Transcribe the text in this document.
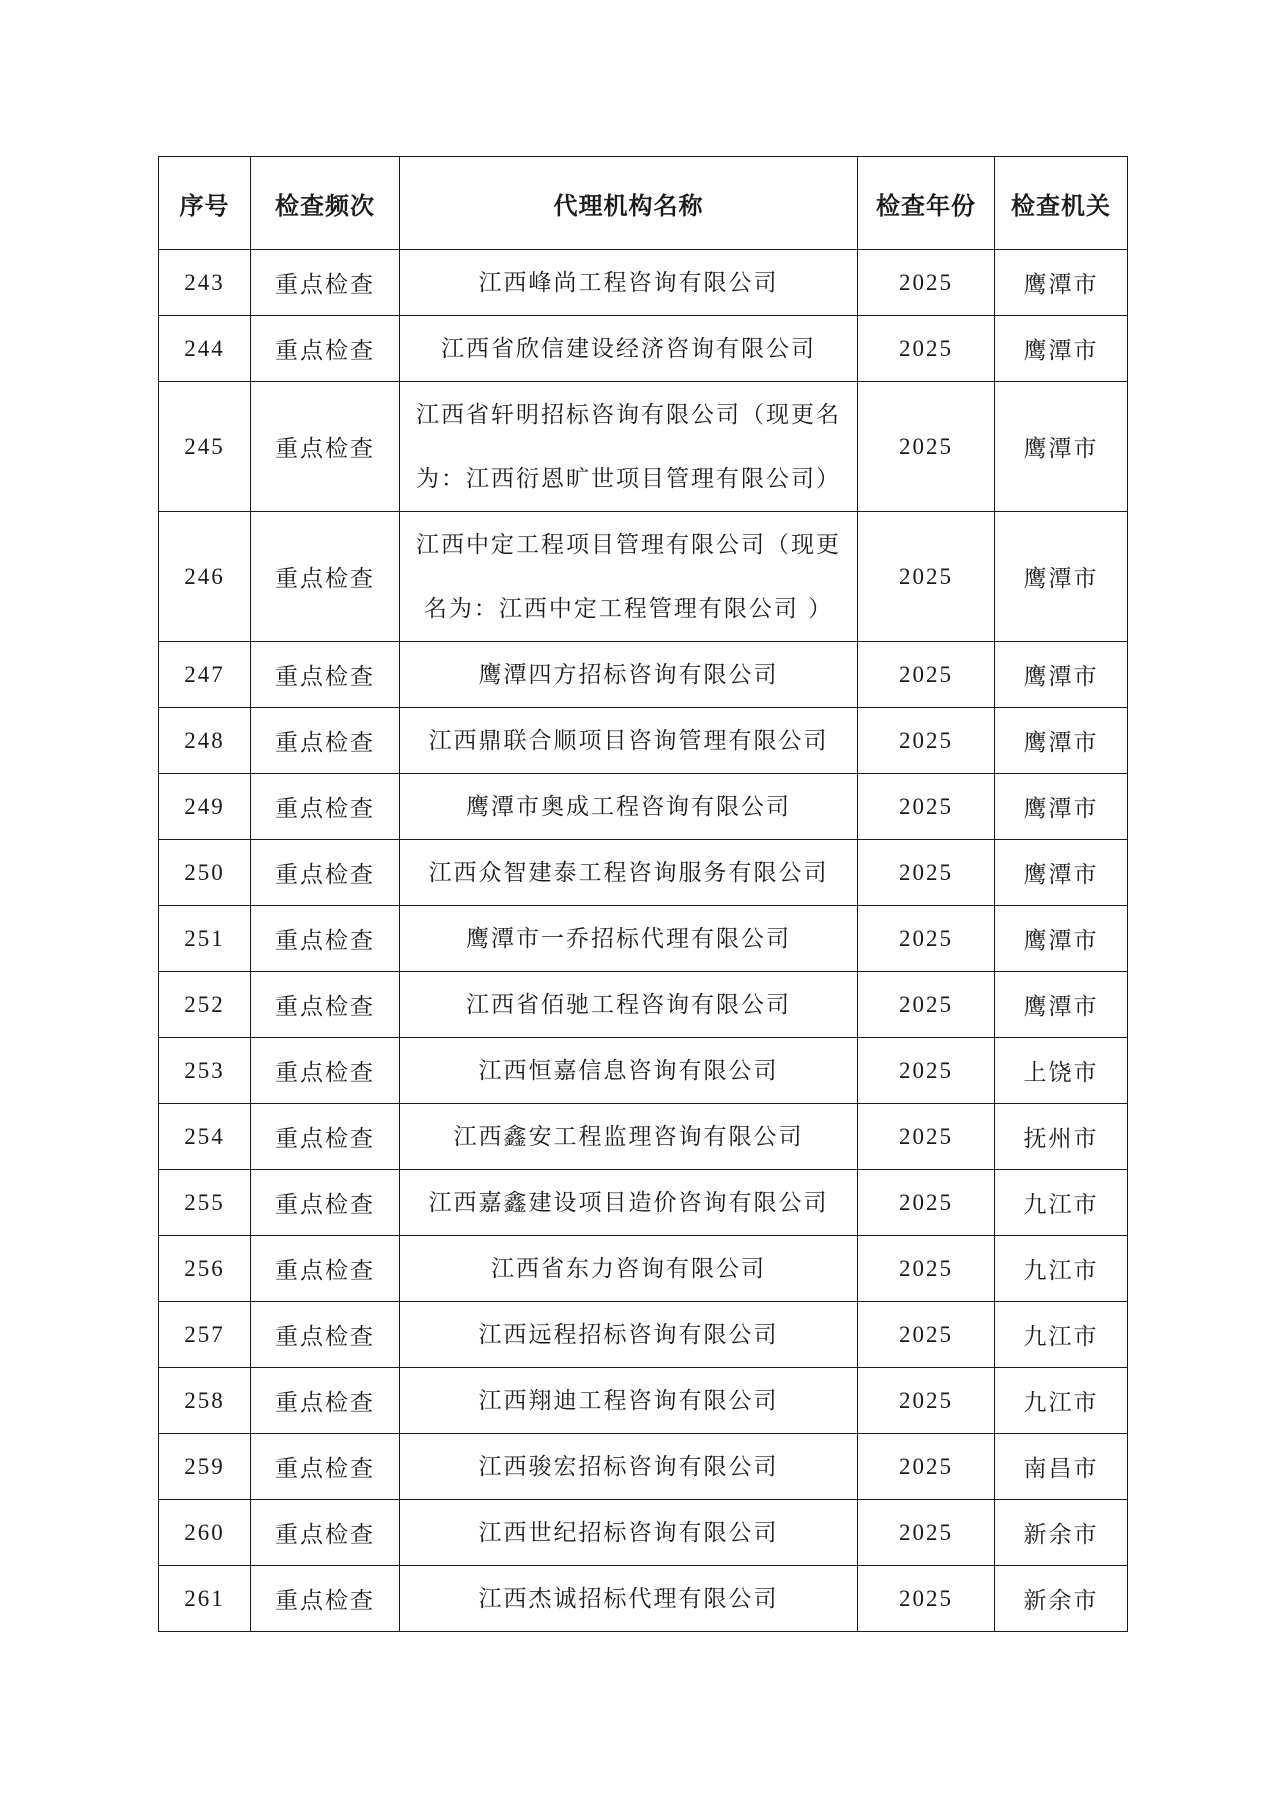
序号	检查频次	代理机构名称	检查年份	检查机关
243	重点检查	江西峰尚工程咨询有限公司	2025	鹰潭市
244	重点检查	江西省欣信建设经济咨询有限公司	2025	鹰潭市
245	重点检查	江西省轩明招标咨询有限公司（现更名为：江西衍恩旷世项目管理有限公司）	2025	鹰潭市
246	重点检查	江西中定工程项目管理有限公司（现更名为：江西中定工程管理有限公司 ）	2025	鹰潭市
247	重点检查	鹰潭四方招标咨询有限公司	2025	鹰潭市
248	重点检查	江西鼎联合顺项目咨询管理有限公司	2025	鹰潭市
249	重点检查	鹰潭市奥成工程咨询有限公司	2025	鹰潭市
250	重点检查	江西众智建泰工程咨询服务有限公司	2025	鹰潭市
251	重点检查	鹰潭市一乔招标代理有限公司	2025	鹰潭市
252	重点检查	江西省佰驰工程咨询有限公司	2025	鹰潭市
253	重点检查	江西恒嘉信息咨询有限公司	2025	上饶市
254	重点检查	江西鑫安工程监理咨询有限公司	2025	抚州市
255	重点检查	江西嘉鑫建设项目造价咨询有限公司	2025	九江市
256	重点检查	江西省东力咨询有限公司	2025	九江市
257	重点检查	江西远程招标咨询有限公司	2025	九江市
258	重点检查	江西翔迪工程咨询有限公司	2025	九江市
259	重点检查	江西骏宏招标咨询有限公司	2025	南昌市
260	重点检查	江西世纪招标咨询有限公司	2025	新余市
261	重点检查	江西杰诚招标代理有限公司	2025	新余市
